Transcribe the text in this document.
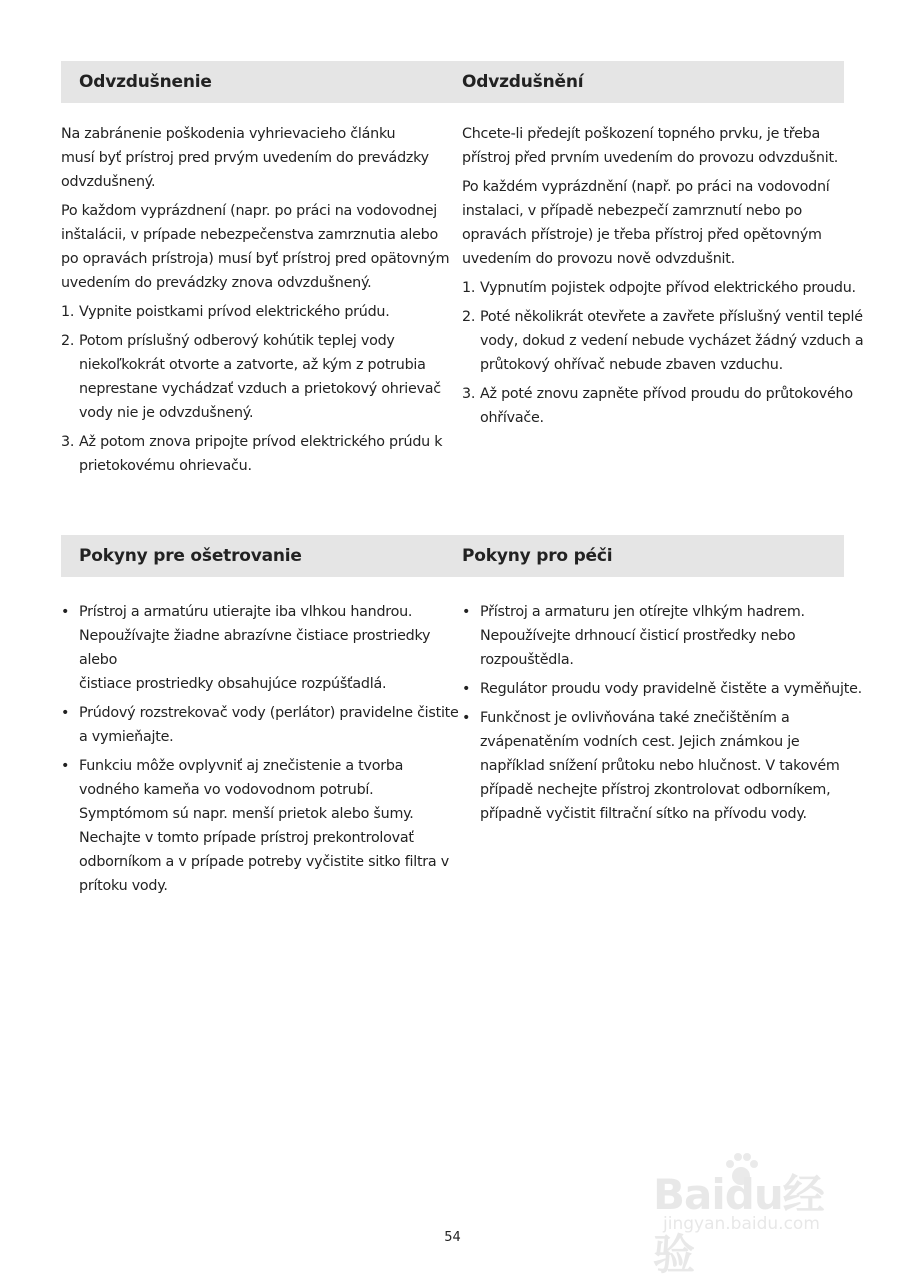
Odvzdušnenie	Odvzdušnění

Na zabránenie poškodenia vyhrievacieho článku
musí byť prístroj pred prvým uvedením do prevádzky
odvzdušnený.

Po každom vyprázdnení (napr. po práci na vodovodnej
inštalácii, v prípade nebezpečenstva zamrznutia alebo
po opravách prístroja) musí byť prístroj pred opätovným
uvedením do prevádzky znova odvzdušnený.

1. Vypnite poistkami prívod elektrického prúdu.
2. Potom príslušný odberový kohútik teplej vody
niekoľkokrát otvorte a zatvorte, až kým z potrubia
neprestane vychádzať vzduch a prietokový ohrievač
vody nie je odvzdušnený.
3. Až potom znova pripojte prívod elektrického prúdu k
prietokovému ohrievaču.

Chcete-li předejít poškození topného prvku, je třeba
přístroj před prvním uvedením do provozu odvzdušnit.

Po každém vyprázdnění (např. po práci na vodovodní
instalaci, v případě nebezpečí zamrznutí nebo po
opravách přístroje) je třeba přístroj před opětovným
uvedením do provozu nově odvzdušnit.

1. Vypnutím pojistek odpojte přívod elektrického proudu.
2. Poté několikrát otevřete a zavřete příslušný ventil teplé
vody, dokud z vedení nebude vycházet žádný vzduch a
průtokový ohřívač nebude zbaven vzduchu.
3. Až poté znovu zapněte přívod proudu do průtokového
ohřívače.
Pokyny pre ošetrovanie	Pokyny pro péči
• Prístroj a armatúru utierajte iba vlhkou handrou.
Nepoužívajte žiadne abrazívne čistiace prostriedky
alebo
čistiace prostriedky obsahujúce rozpúšťadlá.
• Prúdový rozstrekovač vody (perlátor) pravidelne čistite
a vymieňajte.
• Funkciu môže ovplyvniť aj znečistenie a tvorba
vodného kameňa vo vodovodnom potrubí.
Symptómom sú napr. menší prietok alebo šumy.
Nechajte v tomto prípade prístroj prekontrolovať
odborníkom a v prípade potreby vyčistite sitko filtra v
prítoku vody.
• Přístroj a armaturu jen otírejte vlhkým hadrem.
Nepoužívejte drhnoucí čisticí prostředky nebo
rozpouštědla.
• Regulátor proudu vody pravidelně čistěte a vyměňujte.
• Funkčnost je ovlivňována také znečištěním a
zvápenatěním vodních cest. Jejich známkou je
například snížení průtoku nebo hlučnost. V takovém
případě nechejte přístroj zkontrolovat odborníkem,
případně vyčistit filtrační sítko na přívodu vody.
Baidu经验
jingyan.baidu.com
54
